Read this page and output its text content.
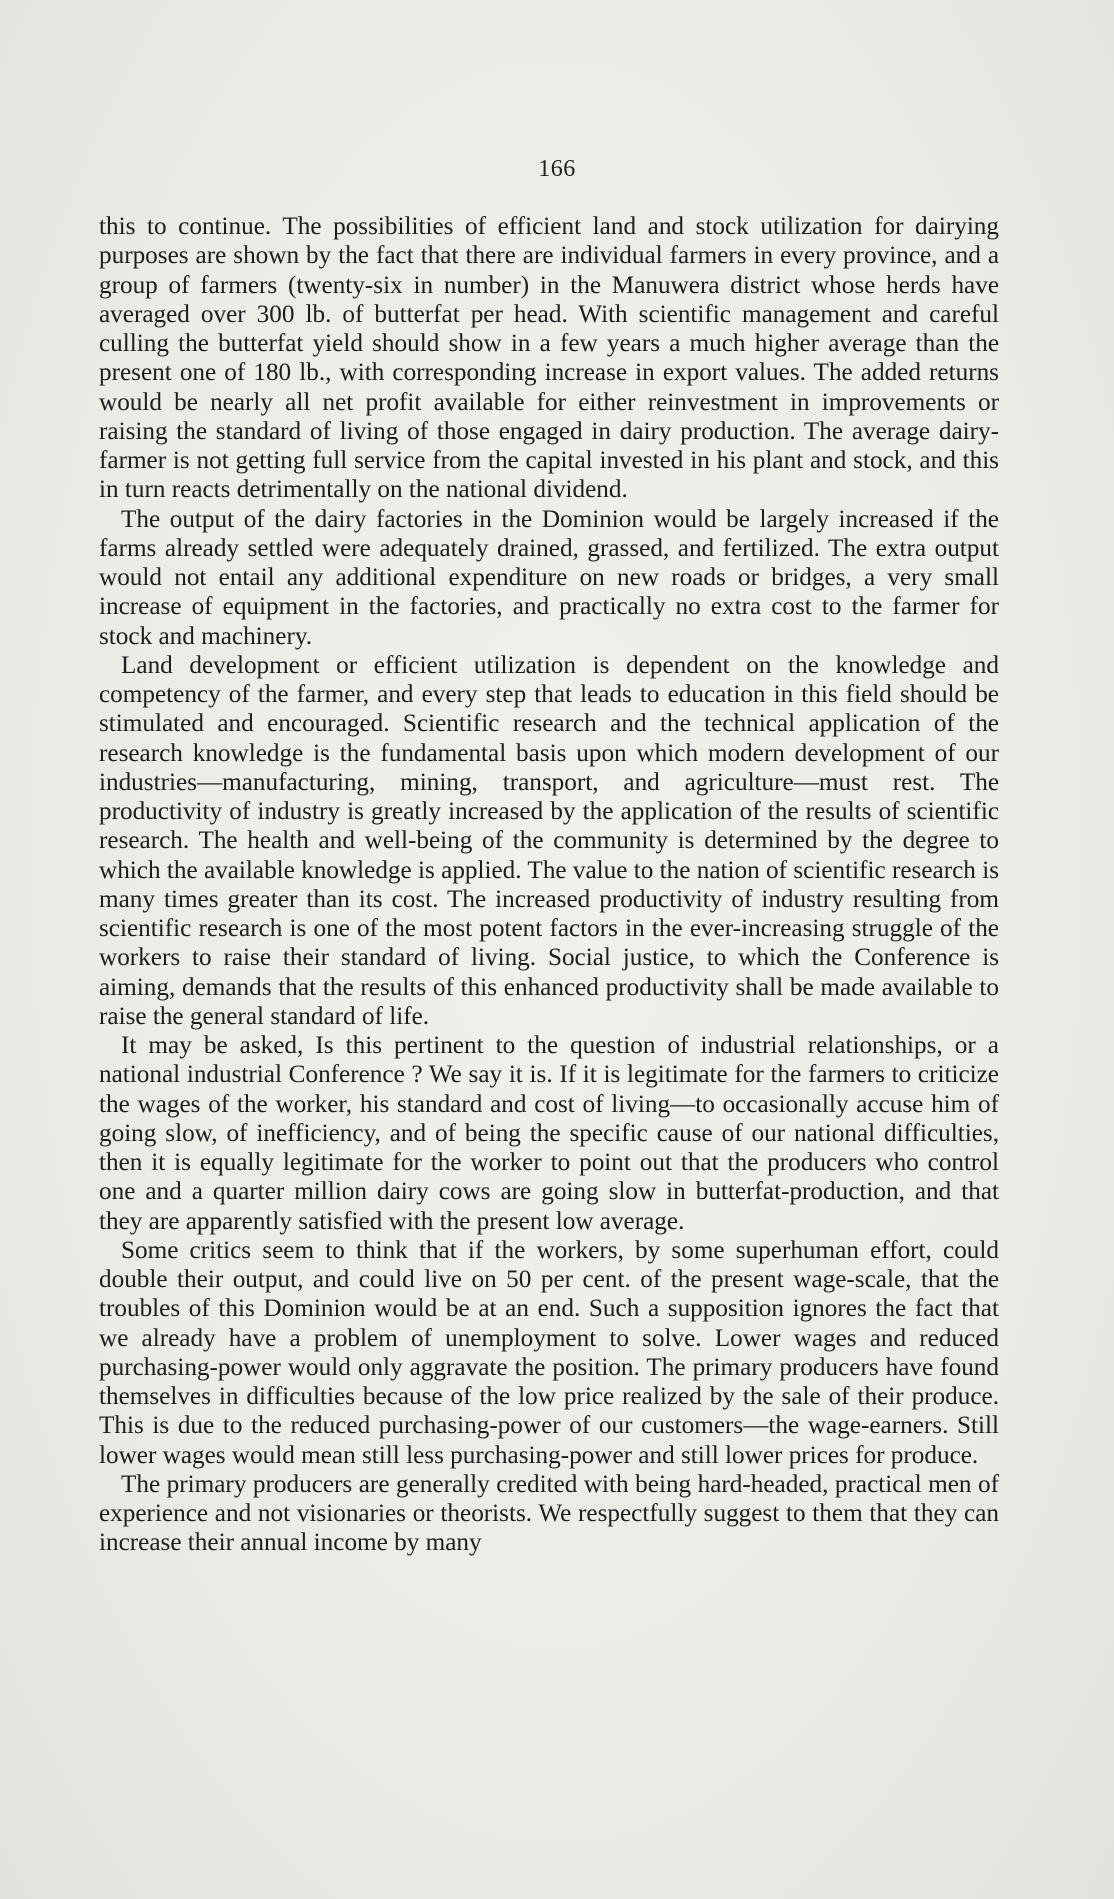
166

this to continue. The possibilities of efficient land and stock utilization for dairying purposes are shown by the fact that there are individual farmers in every province, and a group of farmers (twenty-six in number) in the Manuwera district whose herds have averaged over 300 lb. of butterfat per head. With scientific management and careful culling the butterfat yield should show in a few years a much higher average than the present one of 180 lb., with corresponding increase in export values. The added returns would be nearly all net profit available for either reinvestment in improvements or raising the standard of living of those engaged in dairy production. The average dairy-farmer is not getting full service from the capital invested in his plant and stock, and this in turn reacts detrimentally on the national dividend.

The output of the dairy factories in the Dominion would be largely increased if the farms already settled were adequately drained, grassed, and fertilized. The extra output would not entail any additional expenditure on new roads or bridges, a very small increase of equipment in the factories, and practically no extra cost to the farmer for stock and machinery.

Land development or efficient utilization is dependent on the knowledge and competency of the farmer, and every step that leads to education in this field should be stimulated and encouraged. Scientific research and the technical application of the research knowledge is the fundamental basis upon which modern development of our industries—manufacturing, mining, transport, and agriculture—must rest. The productivity of industry is greatly increased by the application of the results of scientific research. The health and well-being of the community is determined by the degree to which the available knowledge is applied. The value to the nation of scientific research is many times greater than its cost. The increased productivity of industry resulting from scientific research is one of the most potent factors in the ever-increasing struggle of the workers to raise their standard of living. Social justice, to which the Conference is aiming, demands that the results of this enhanced productivity shall be made available to raise the general standard of life.

It may be asked, Is this pertinent to the question of industrial relationships, or a national industrial Conference ? We say it is. If it is legitimate for the farmers to criticize the wages of the worker, his standard and cost of living—to occasionally accuse him of going slow, of inefficiency, and of being the specific cause of our national difficulties, then it is equally legitimate for the worker to point out that the producers who control one and a quarter million dairy cows are going slow in butterfat-production, and that they are apparently satisfied with the present low average.

Some critics seem to think that if the workers, by some superhuman effort, could double their output, and could live on 50 per cent. of the present wage-scale, that the troubles of this Dominion would be at an end. Such a supposition ignores the fact that we already have a problem of unemployment to solve. Lower wages and reduced purchasing-power would only aggravate the position. The primary producers have found themselves in difficulties because of the low price realized by the sale of their produce. This is due to the reduced purchasing-power of our customers—the wage-earners. Still lower wages would mean still less purchasing-power and still lower prices for produce.

The primary producers are generally credited with being hard-headed, practical men of experience and not visionaries or theorists. We respectfully suggest to them that they can increase their annual income by many
